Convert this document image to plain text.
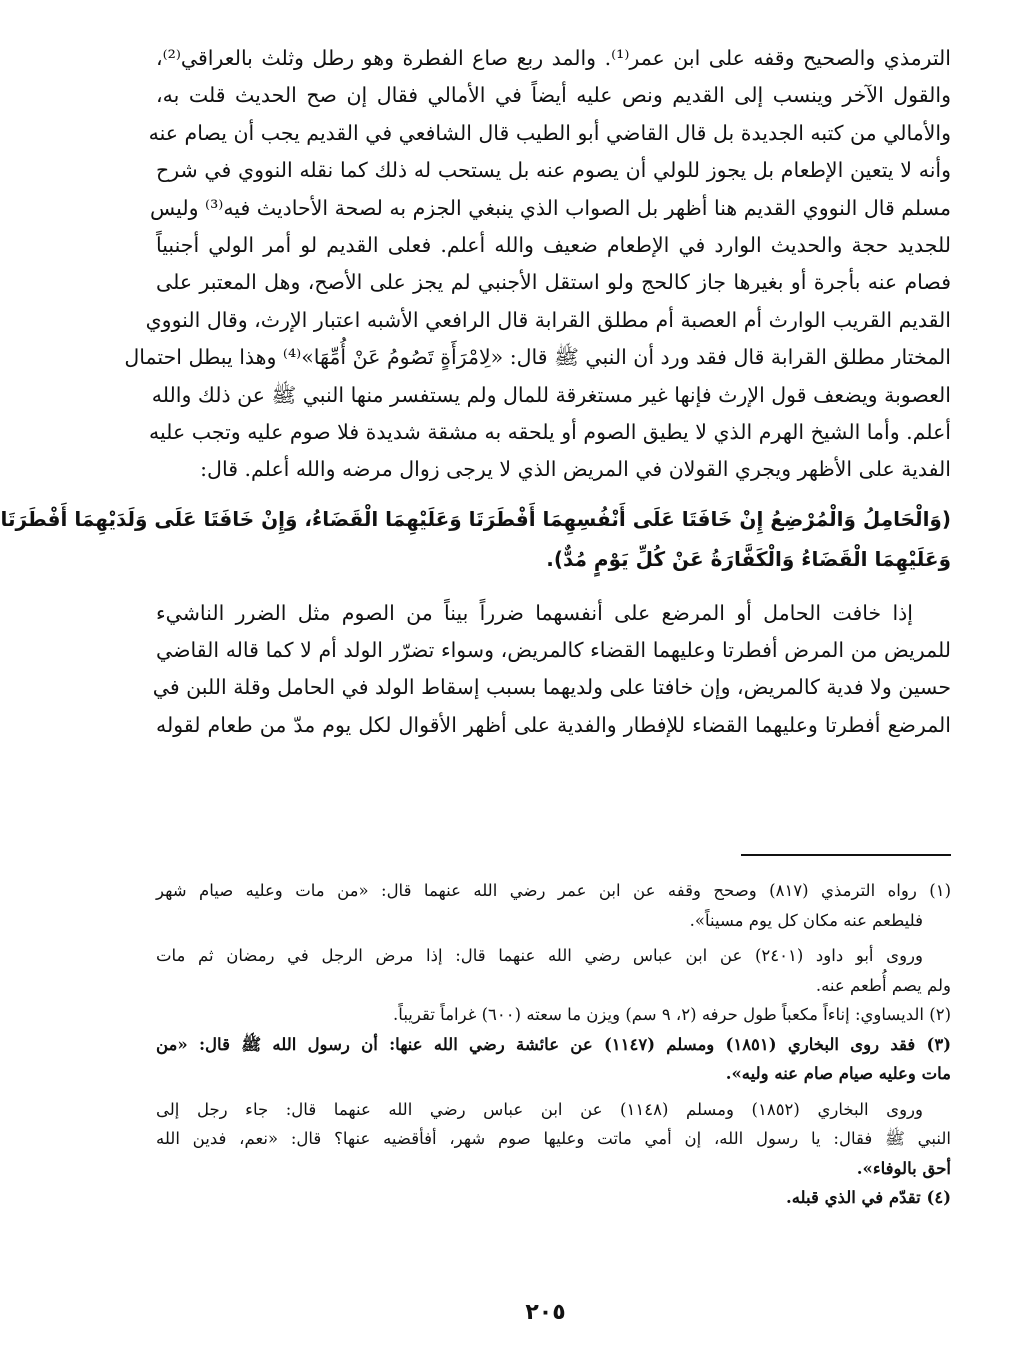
الترمذي والصحيح وقفه على ابن عمر⁽¹⁾. والمد ربع صاع الفطرة وهو رطل وثلث بالعراقي⁽²⁾،
والقول الآخر وينسب إلى القديم ونص عليه أيضاً في الأمالي فقال إن صح الحديث قلت به،
والأمالي من كتبه الجديدة بل قال القاضي أبو الطيب قال الشافعي في القديم يجب أن يصام عنه
وأنه لا يتعين الإطعام بل يجوز للولي أن يصوم عنه بل يستحب له ذلك كما نقله النووي في شرح
مسلم قال النووي القديم هنا أظهر بل الصواب الذي ينبغي الجزم به لصحة الأحاديث فيه⁽³⁾ وليس
للجديد حجة والحديث الوارد في الإطعام ضعيف والله أعلم. فعلى القديم لو أمر الولي أجنبياً
فصام عنه بأجرة أو بغيرها جاز كالحج ولو استقل الأجنبي لم يجز على الأصح، وهل المعتبر على
القديم القريب الوارث أم العصبة أم مطلق القرابة قال الرافعي الأشبه اعتبار الإرث، وقال النووي
المختار مطلق القرابة قال فقد ورد أن النبي ﷺ قال: «لِامْرَأَةٍ تَصُومُ عَنْ أُمِّهَا»⁽⁴⁾ وهذا يبطل احتمال
العصوبة ويضعف قول الإرث فإنها غير مستغرقة للمال ولم يستفسر منها النبي ﷺ عن ذلك والله
أعلم. وأما الشيخ الهرم الذي لا يطيق الصوم أو يلحقه به مشقة شديدة فلا صوم عليه وتجب عليه
الفدية على الأظهر ويجري القولان في المريض الذي لا يرجى زوال مرضه والله أعلم. قال:
(وَالْحَامِلُ وَالْمُرْضِعُ إِنْ خَافَتَا عَلَى أَنْفُسِهِمَا أَفْطَرَتَا وَعَلَيْهِمَا الْقَضَاءُ، وَإِنْ خَافَتَا عَلَى وَلَدَيْهِمَا أَفْطَرَتَا
وَعَلَيْهِمَا الْقَضَاءُ وَالْكَفَّارَةُ عَنْ كُلِّ يَوْمٍ مُدٌّ).
إذا خافت الحامل أو المرضع على أنفسهما ضرراً بيناً من الصوم مثل الضرر الناشيء
للمريض من المرض أفطرتا وعليهما القضاء كالمريض، وسواء تضرّر الولد أم لا كما قاله القاضي
حسين ولا فدية كالمريض، وإن خافتا على ولديهما بسبب إسقاط الولد في الحامل وقلة اللبن في
المرضع أفطرتا وعليهما القضاء للإفطار والفدية على أظهر الأقوال لكل يوم مدّ من طعام لقوله
(١) رواه الترمذي (٨١٧) وصحح وقفه عن ابن عمر رضي الله عنهما قال: «من مات وعليه صيام شهر
فليطعم عنه مكان كل يوم مسيناً».
وروى أبو داود (٢٤٠١) عن ابن عباس رضي الله عنهما قال: إذا مرض الرجل في رمضان ثم مات
ولم يصم أُطعم عنه.
(٢) الديساوي: إناءاً مكعباً طول حرفه (٢، ٩ سم) ويزن ما سعته (٦٠٠) غراماً تقريباً.
(٣) فقد روى البخاري (١٨٥١) ومسلم (١١٤٧) عن عائشة رضي الله عنها: أن رسول الله ﷺ قال: «من
مات وعليه صيام صام عنه وليه».
وروى البخاري (١٨٥٢) ومسلم (١١٤٨) عن ابن عباس رضي الله عنهما قال: جاء رجل إلى
النبي ﷺ فقال: يا رسول الله، إن أمي ماتت وعليها صوم شهر، أفأقضيه عنها؟ قال: «نعم، فدين الله
أحق بالوفاء».
(٤) تقدّم في الذي قبله.
٢٠٥
